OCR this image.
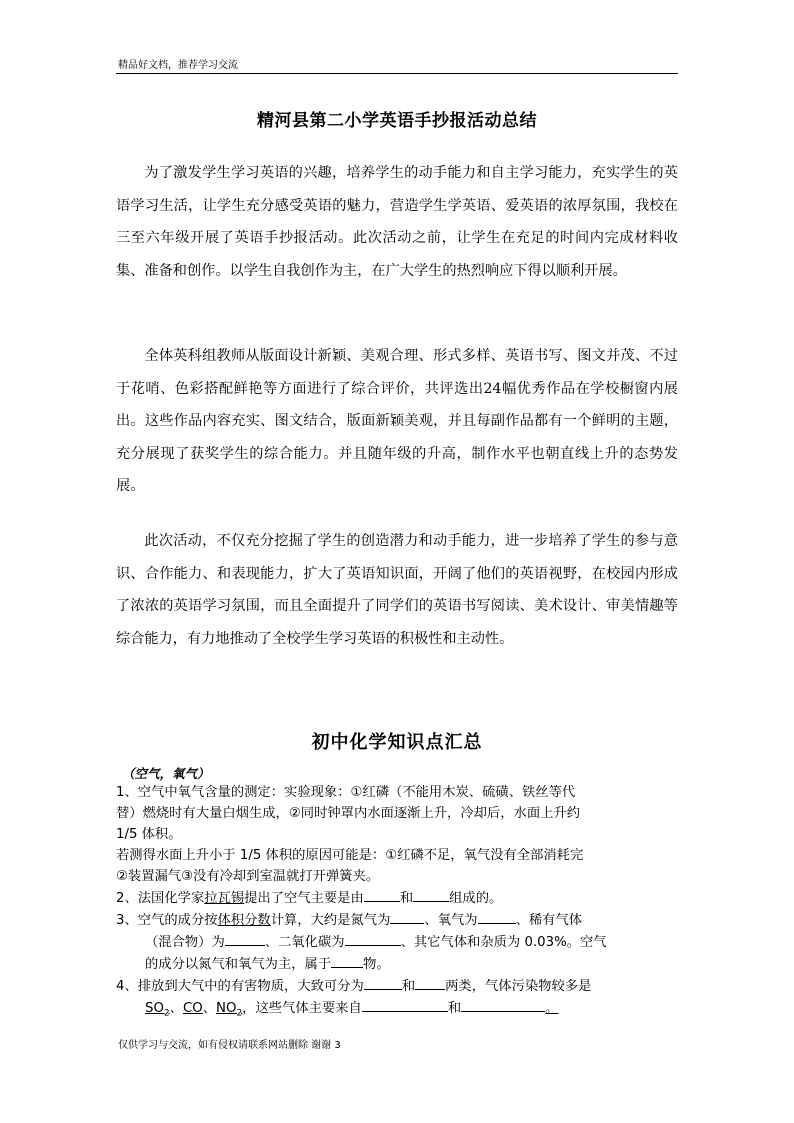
精品好文档，推荐学习交流
精河县第二小学英语手抄报活动总结

为了激发学生学习英语的兴趣，培养学生的动手能力和自主学习能力，充实学生的英语学习生活，让学生充分感受英语的魅力，营造学生学英语、爱英语的浓厚氛围，我校在三至六年级开展了英语手抄报活动。此次活动之前，让学生在充足的时间内完成材料收集、准备和创作。以学生自我创作为主，在广大学生的热烈响应下得以顺利开展。

全体英科组教师从版面设计新颖、美观合理、形式多样、英语书写、图文并茂、不过于花哨、色彩搭配鲜艳等方面进行了综合评价，共评选出24幅优秀作品在学校橱窗内展出。这些作品内容充实、图文结合，版面新颖美观，并且每副作品都有一个鲜明的主题，充分展现了获奖学生的综合能力。并且随年级的升高，制作水平也朝直线上升的态势发展。

此次活动，不仅充分挖掘了学生的创造潜力和动手能力，进一步培养了学生的参与意识、合作能力、和表现能力，扩大了英语知识面，开阔了他们的英语视野，在校园内形成了浓浓的英语学习氛围，而且全面提升了同学们的英语书写阅读、美术设计、审美情趣等综合能力，有力地推动了全校学生学习英语的积极性和主动性。

初中化学知识点汇总
（空气，氧气）
1、空气中氧气含量的测定：实验现象：①红磷（不能用木炭、硫磺、铁丝等代
替）燃烧时有大量白烟生成，②同时钟罩内水面逐渐上升，冷却后，水面上升约
1/5 体积。
若测得水面上升小于 1/5 体积的原因可能是：①红磷不足，氧气没有全部消耗完
②装置漏气③没有冷却到室温就打开弹簧夹。
2、法国化学家拉瓦锡提出了空气主要是由	和	组成的。
3、空气的成分按体积分数计算，大约是氮气为	、氧气为	、稀有气体
（混合物）为	、二氧化碳为	、其它气体和杂质为 0.03%。空气
的成分以氮气和氧气为主，属于 物。
4、排放到大气中的有害物质，大致可分为	和 两类，气体污染物较多是
$SO_2$、CO、$NO_2$，这些气体主要来自	和	。
仅供学习与交流，如有侵权请联系网站删除 谢谢 3
